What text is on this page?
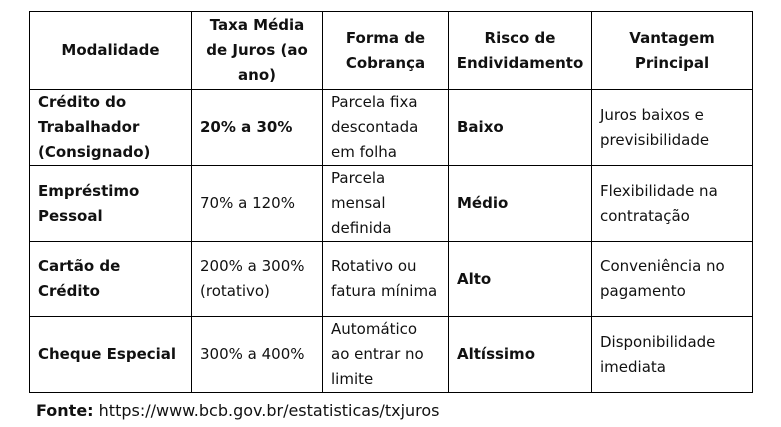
Modalidade	Taxa Média de Juros (ao ano)	Forma de Cobrança	Risco de Endividamento	Vantagem Principal
Crédito do Trabalhador (Consignado)	20% a 30%	Parcela fixa descontada em folha	Baixo	Juros baixos e previsibilidade
Empréstimo Pessoal	70% a 120%	Parcela mensal definida	Médio	Flexibilidade na contratação
Cartão de Crédito	200% a 300% (rotativo)	Rotativo ou fatura mínima	Alto	Conveniência no pagamento
Cheque Especial	300% a 400%	Automático ao entrar no limite	Altíssimo	Disponibilidade imediata
Fonte: https://www.bcb.gov.br/estatisticas/txjuros
